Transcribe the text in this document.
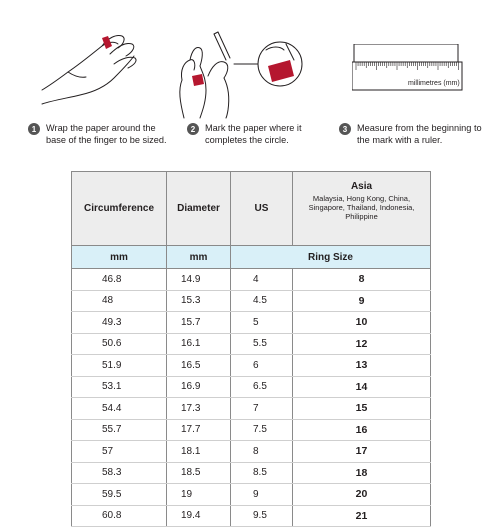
millimetres (mm)
1	Wrap the paper around the base of the finger to be sized.
2	Mark the paper where it completes the circle.
3	Measure from the beginning to the mark with a ruler.
Circumference	Diameter	US	Asia
Malaysia, Hong Kong, China, Singapore, Thailand, Indonesia, Philippine

mm	mm	Ring Size	
46.8	14.9	4	8
48	15.3	4.5	9
49.3	15.7	5	10
50.6	16.1	5.5	12
51.9	16.5	6	13
53.1	16.9	6.5	14
54.4	17.3	7	15
55.7	17.7	7.5	16
57	18.1	8	17
58.3	18.5	8.5	18
59.5	19	9	20
60.8	19.4	9.5	21
